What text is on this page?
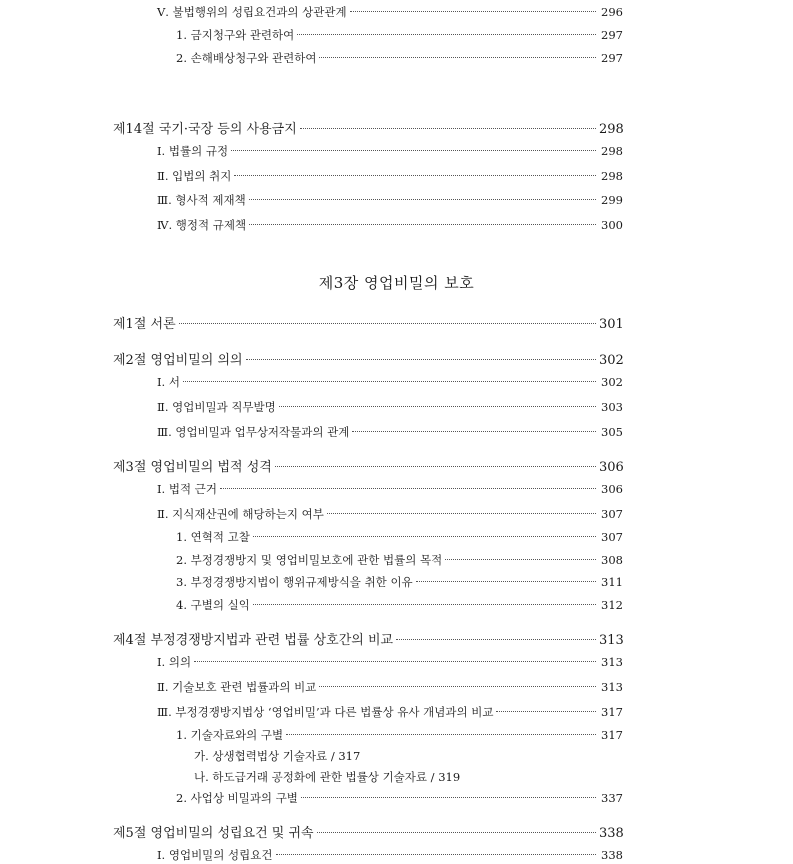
제3장 영업비밀의 보호
Ⅴ. 불법행위의 성립요건과의 상관관계	296
1. 금지청구와 관련하여	297
2. 손해배상청구와 관련하여	297
제14절 국기·국장 등의 사용금지	298
Ⅰ. 법률의 규정	298
Ⅱ. 입법의 취지	298
Ⅲ. 형사적 제재책	299
Ⅳ. 행정적 규제책	300
제1절 서론	301
제2절 영업비밀의 의의	302
Ⅰ. 서	302
Ⅱ. 영업비밀과 직무발명	303
Ⅲ. 영업비밀과 업무상저작물과의 관계	305
제3절 영업비밀의 법적 성격	306
Ⅰ. 법적 근거	306
Ⅱ. 지식재산권에 해당하는지 여부	307
1. 연혁적 고찰	307
2. 부정경쟁방지 및 영업비밀보호에 관한 법률의 목적	308
3. 부정경쟁방지법이 행위규제방식을 취한 이유	311
4. 구별의 실익	312
제4절 부정경쟁방지법과 관련 법률 상호간의 비교	313
Ⅰ. 의의	313
Ⅱ. 기술보호 관련 법률과의 비교	313
Ⅲ. 부정경쟁방지법상 ‘영업비밀’과 다른 법률상 유사 개념과의 비교	317
1. 기술자료와의 구별	317
가. 상생협력법상 기술자료 / 317
나. 하도급거래 공정화에 관한 법률상 기술자료 / 319
2. 사업상 비밀과의 구별	337
제5절 영업비밀의 성립요건 및 귀속	338
Ⅰ. 영업비밀의 성립요건	338
